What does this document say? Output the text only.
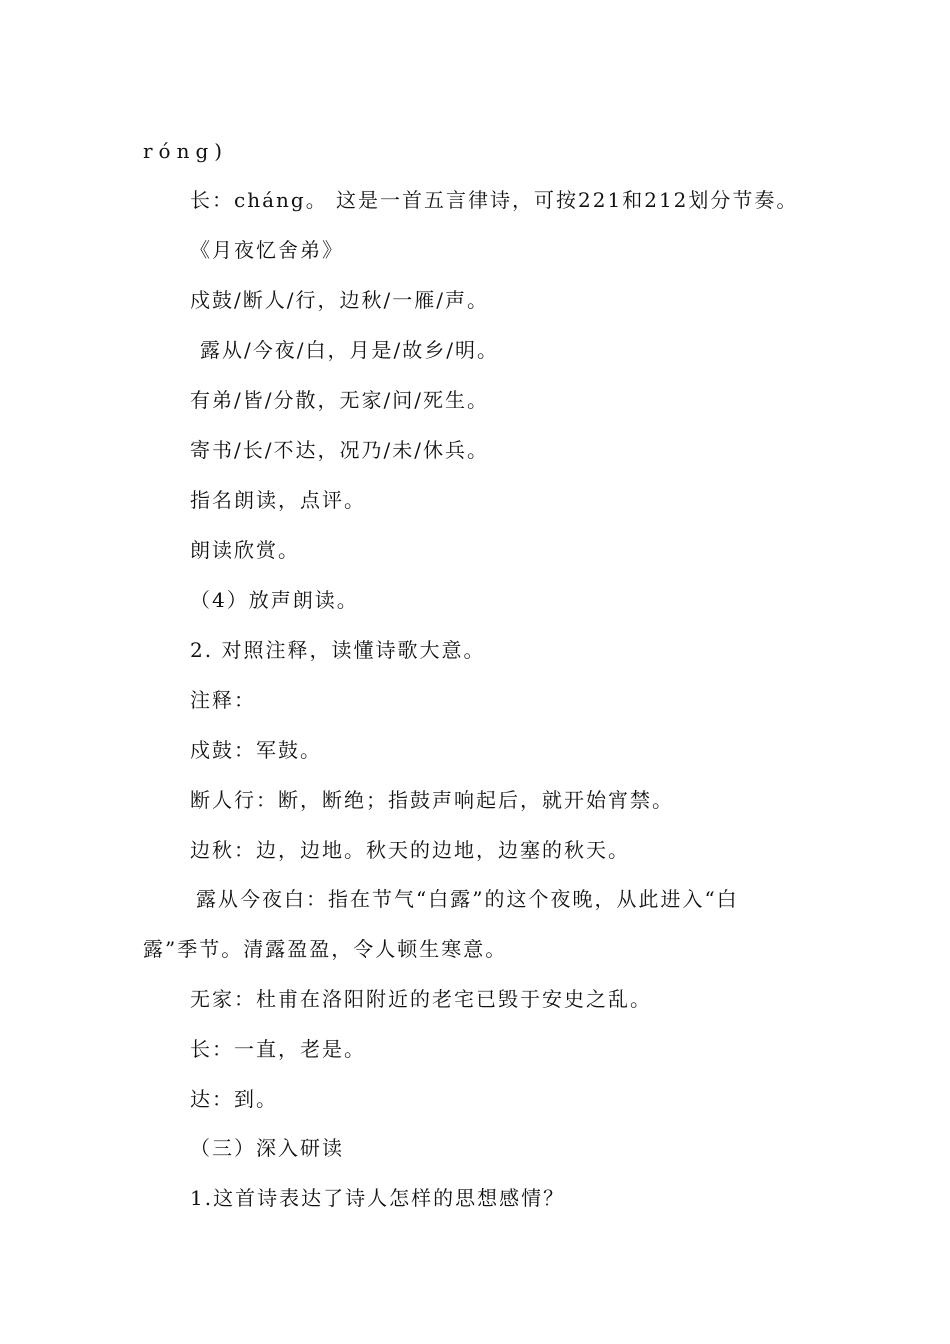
róng)
长：cháng。 这是一首五言律诗，可按221和212划分节奏。
《月夜忆舍弟》
戍鼓/断人/行，边秋/一雁/声。
露从/今夜/白，月是/故乡/明。
有弟/皆/分散，无家/问/死生。
寄书/长/不达，况乃/未/休兵。
指名朗读，点评。
朗读欣赏。
（4）放声朗读。
2. 对照注释，读懂诗歌大意。
注释：
戍鼓：军鼓。
断人行：断，断绝；指鼓声响起后，就开始宵禁。
边秋：边，边地。秋天的边地，边塞的秋天。
露从今夜白：指在节气“白露”的这个夜晚，从此进入“白
露”季节。清露盈盈，令人顿生寒意。
无家：杜甫在洛阳附近的老宅已毁于安史之乱。
长：一直，老是。
达：到。
（三）深入研读
1.这首诗表达了诗人怎样的思想感情？
